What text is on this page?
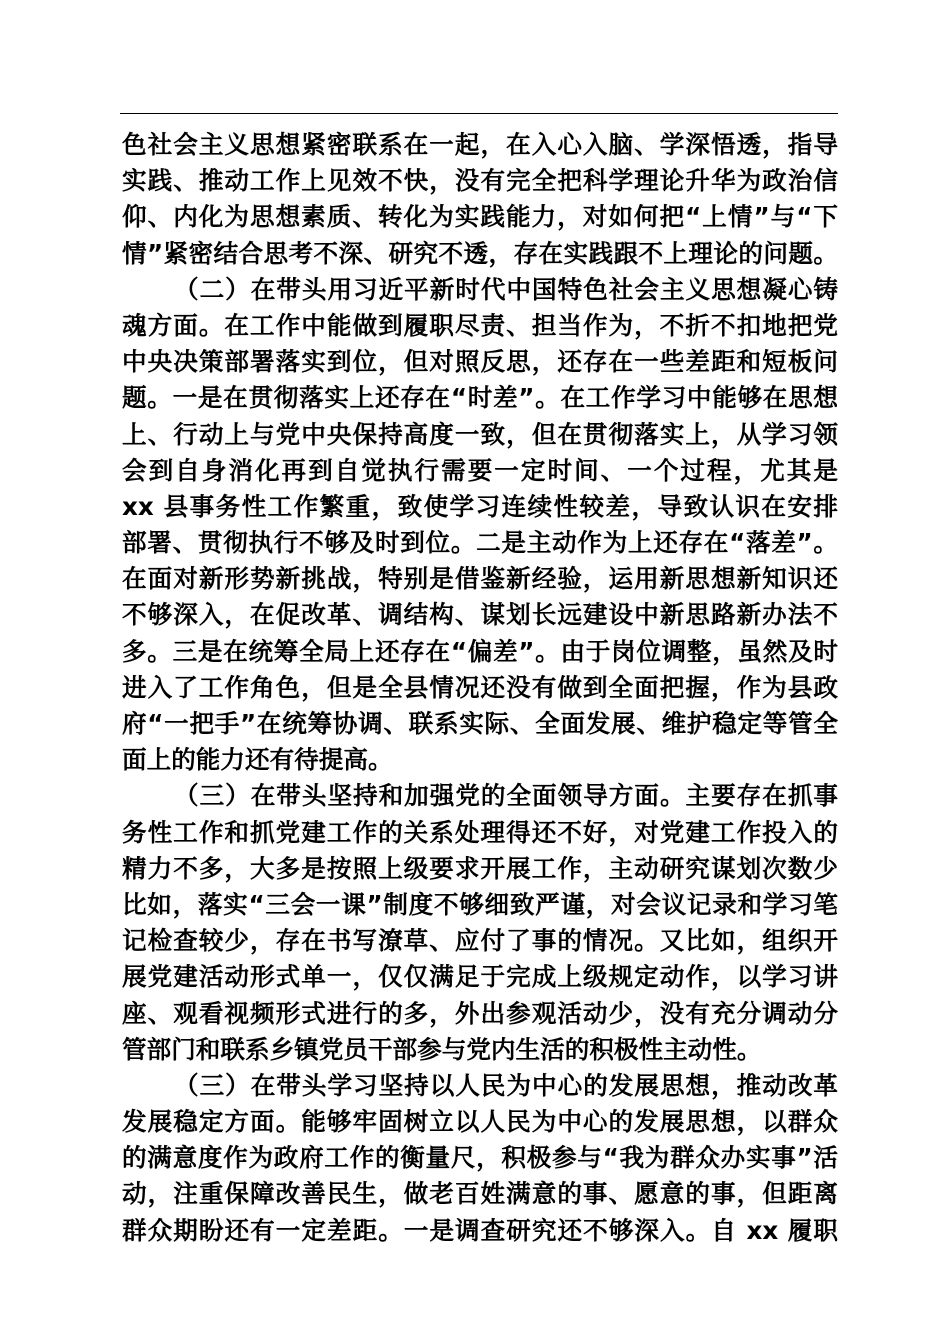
色社会主义思想紧密联系在一起，在入心入脑、学深悟透，指导
实践、推动工作上见效不快，没有完全把科学理论升华为政治信
仰、内化为思想素质、转化为实践能力，对如何把“上情”与“下
情”紧密结合思考不深、研究不透，存在实践跟不上理论的问题。
（二）在带头用习近平新时代中国特色社会主义思想凝心铸
魂方面。在工作中能做到履职尽责、担当作为，不折不扣地把党
中央决策部署落实到位，但对照反思，还存在一些差距和短板问
题。一是在贯彻落实上还存在“时差”。在工作学习中能够在思想
上、行动上与党中央保持高度一致，但在贯彻落实上，从学习领
会到自身消化再到自觉执行需要一定时间、一个过程，尤其是
xx 县事务性工作繁重，致使学习连续性较差，导致认识在安排
部署、贯彻执行不够及时到位。二是主动作为上还存在“落差”。
在面对新形势新挑战，特别是借鉴新经验，运用新思想新知识还
不够深入，在促改革、调结构、谋划长远建设中新思路新办法不
多。三是在统筹全局上还存在“偏差”。由于岗位调整，虽然及时
进入了工作角色，但是全县情况还没有做到全面把握，作为县政
府“一把手”在统筹协调、联系实际、全面发展、维护稳定等管全
面上的能力还有待提高。
（三）在带头坚持和加强党的全面领导方面。主要存在抓事
务性工作和抓党建工作的关系处理得还不好，对党建工作投入的
精力不多，大多是按照上级要求开展工作，主动研究谋划次数少
比如，落实“三会一课”制度不够细致严谨，对会议记录和学习笔
记检查较少，存在书写潦草、应付了事的情况。又比如，组织开
展党建活动形式单一，仅仅满足于完成上级规定动作，以学习讲
座、观看视频形式进行的多，外出参观活动少，没有充分调动分
管部门和联系乡镇党员干部参与党内生活的积极性主动性。
（三）在带头学习坚持以人民为中心的发展思想，推动改革
发展稳定方面。能够牢固树立以人民为中心的发展思想，以群众
的满意度作为政府工作的衡量尺，积极参与“我为群众办实事”活
动，注重保障改善民生，做老百姓满意的事、愿意的事，但距离
群众期盼还有一定差距。一是调查研究还不够深入。自 xx 履职
